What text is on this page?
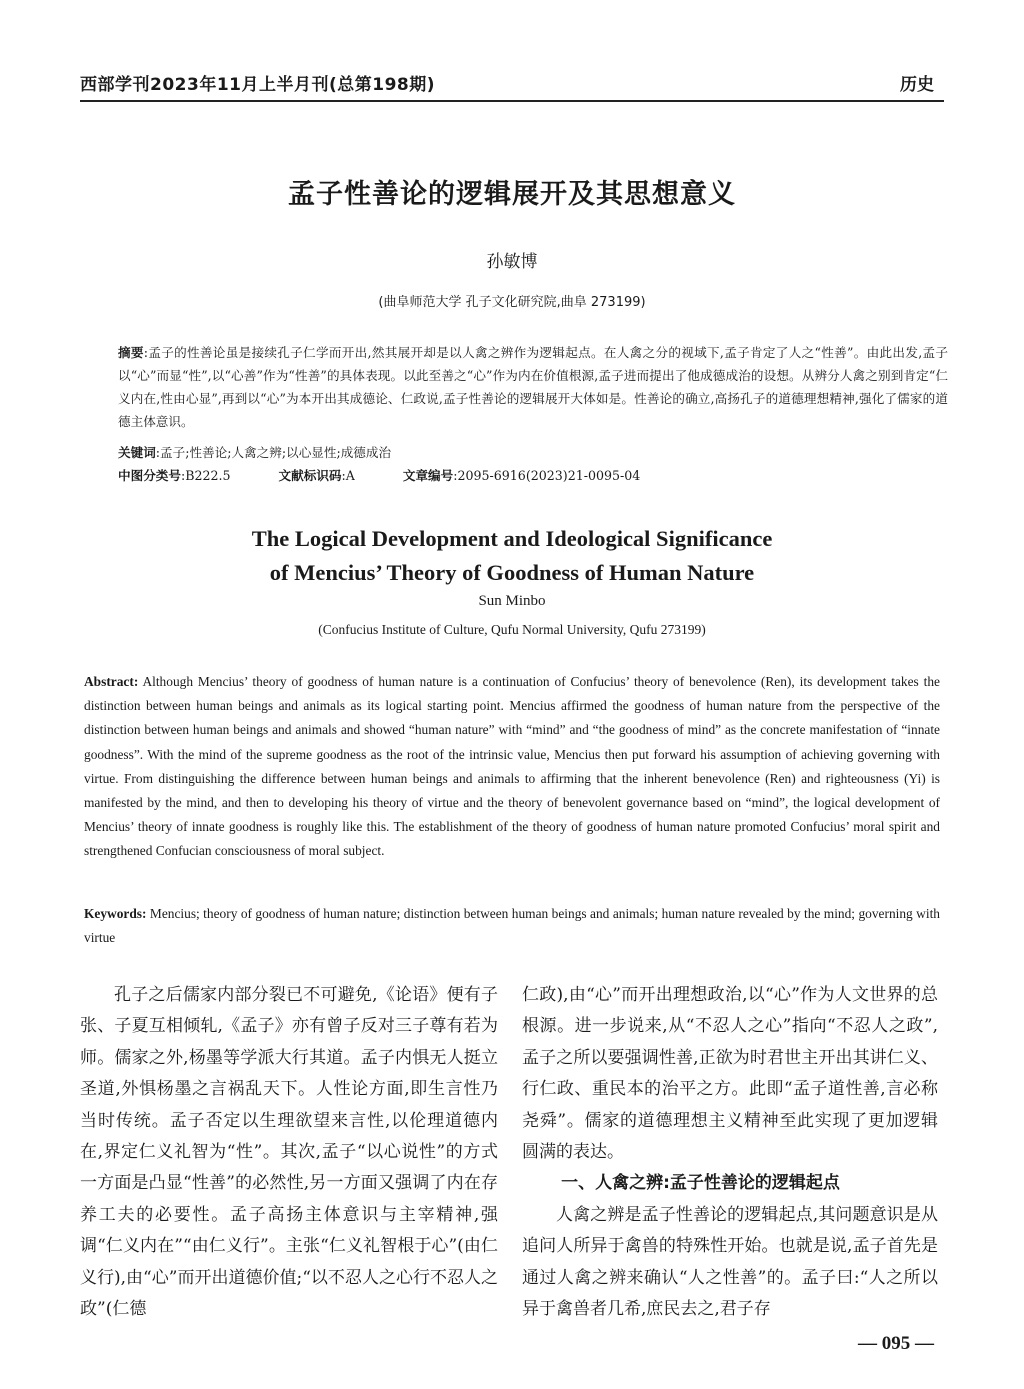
西部学刊2023年11月上半月刊(总第198期)	历史
孟子性善论的逻辑展开及其思想意义
孙敏博
(曲阜师范大学 孔子文化研究院,曲阜 273199)
摘要:孟子的性善论虽是接续孔子仁学而开出,然其展开却是以人禽之辨作为逻辑起点。在人禽之分的视域下,孟子肯定了人之“性善”。由此出发,孟子以“心”而显“性”,以“心善”作为“性善”的具体表现。以此至善之“心”作为内在价值根源,孟子进而提出了他成德成治的设想。从辨分人禽之别到肯定“仁义内在,性由心显”,再到以“心”为本开出其成德论、仁政说,孟子性善论的逻辑展开大体如是。性善论的确立,高扬孔子的道德理想精神,强化了儒家的道德主体意识。
关键词:孟子;性善论;人禽之辨;以心显性;成德成治
中图分类号:B222.5	文献标识码:A	文章编号:2095-6916(2023)21-0095-04
The Logical Development and Ideological Significance
of Mencius’ Theory of Goodness of Human Nature
Sun Minbo
(Confucius Institute of Culture, Qufu Normal University, Qufu 273199)
Abstract: Although Mencius’ theory of goodness of human nature is a continuation of Confucius’ theory of benevolence (Ren), its development takes the distinction between human beings and animals as its logical starting point. Mencius affirmed the goodness of human nature from the perspective of the distinction between human beings and animals and showed “human nature” with “mind” and “the goodness of mind” as the concrete manifestation of “innate goodness”. With the mind of the supreme goodness as the root of the intrinsic value, Mencius then put forward his assumption of achieving governing with virtue. From distinguishing the difference between human beings and animals to affirming that the inherent benevolence (Ren) and righteousness (Yi) is manifested by the mind, and then to developing his theory of virtue and the theory of benevolent governance based on “mind”, the logical development of Mencius’ theory of innate goodness is roughly like this. The establishment of the theory of goodness of human nature promoted Confucius’ moral spirit and strengthened Confucian consciousness of moral subject.
Keywords: Mencius; theory of goodness of human nature; distinction between human beings and animals; human nature revealed by the mind; governing with virtue
孔子之后儒家内部分裂已不可避免,《论语》便有子张、子夏互相倾轧,《孟子》亦有曾子反对三子尊有若为师。儒家之外,杨墨等学派大行其道。孟子内惧无人挺立圣道,外惧杨墨之言祸乱天下。人性论方面,即生言性乃当时传统。孟子否定以生理欲望来言性,以伦理道德内在,界定仁义礼智为“性”。其次,孟子“以心说性”的方式一方面是凸显“性善”的必然性,另一方面又强调了内在存养工夫的必要性。孟子高扬主体意识与主宰精神,强调“仁义内在”“由仁义行”。主张“仁义礼智根于心”(由仁义行),由“心”而开出道德价值;“以不忍人之心行不忍人之政”(仁德
仁政),由“心”而开出理想政治,以“心”作为人文世界的总根源。进一步说来,从“不忍人之心”指向“不忍人之政”,孟子之所以要强调性善,正欲为时君世主开出其讲仁义、行仁政、重民本的治平之方。此即“孟子道性善,言必称尧舜”。儒家的道德理想主义精神至此实现了更加逻辑圆满的表达。
一、人禽之辨:孟子性善论的逻辑起点
人禽之辨是孟子性善论的逻辑起点,其问题意识是从追问人所异于禽兽的特殊性开始。也就是说,孟子首先是通过人禽之辨来确认“人之性善”的。孟子曰:“人之所以异于禽兽者几希,庶民去之,君子存
— 095 —
